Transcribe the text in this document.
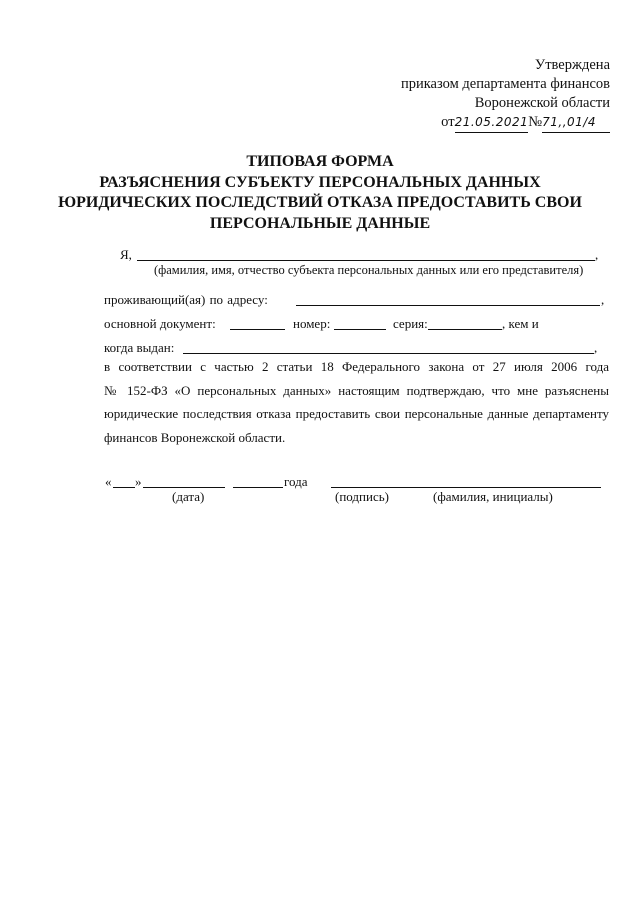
Утверждена
приказом департамента финансов
Воронежской области
от21.05.2021№71,,01/4
ТИПОВАЯ ФОРМА
РАЗЪЯСНЕНИЯ СУБЪЕКТУ ПЕРСОНАЛЬНЫХ ДАННЫХ
ЮРИДИЧЕСКИХ ПОСЛЕДСТВИЙ ОТКАЗА ПРЕДОСТАВИТЬ СВОИ
ПЕРСОНАЛЬНЫЕ ДАННЫЕ
Я,	,
(фамилия, имя, отчество субъекта персональных данных или его представителя)
проживающий(ая) по адресу:	,
основной документ:	номер:	серия:	, кем и
когда выдан:	,
в соответствии с частью 2 статьи 18 Федерального закона от 27 июля 2006 года
№ 152-ФЗ «О персональных данных» настоящим подтверждаю, что мне разъяснены
юридические последствия отказа предоставить свои персональные данные департаменту
финансов Воронежской области.
« »	года
(дата)	(подпись)	(фамилия, инициалы)
